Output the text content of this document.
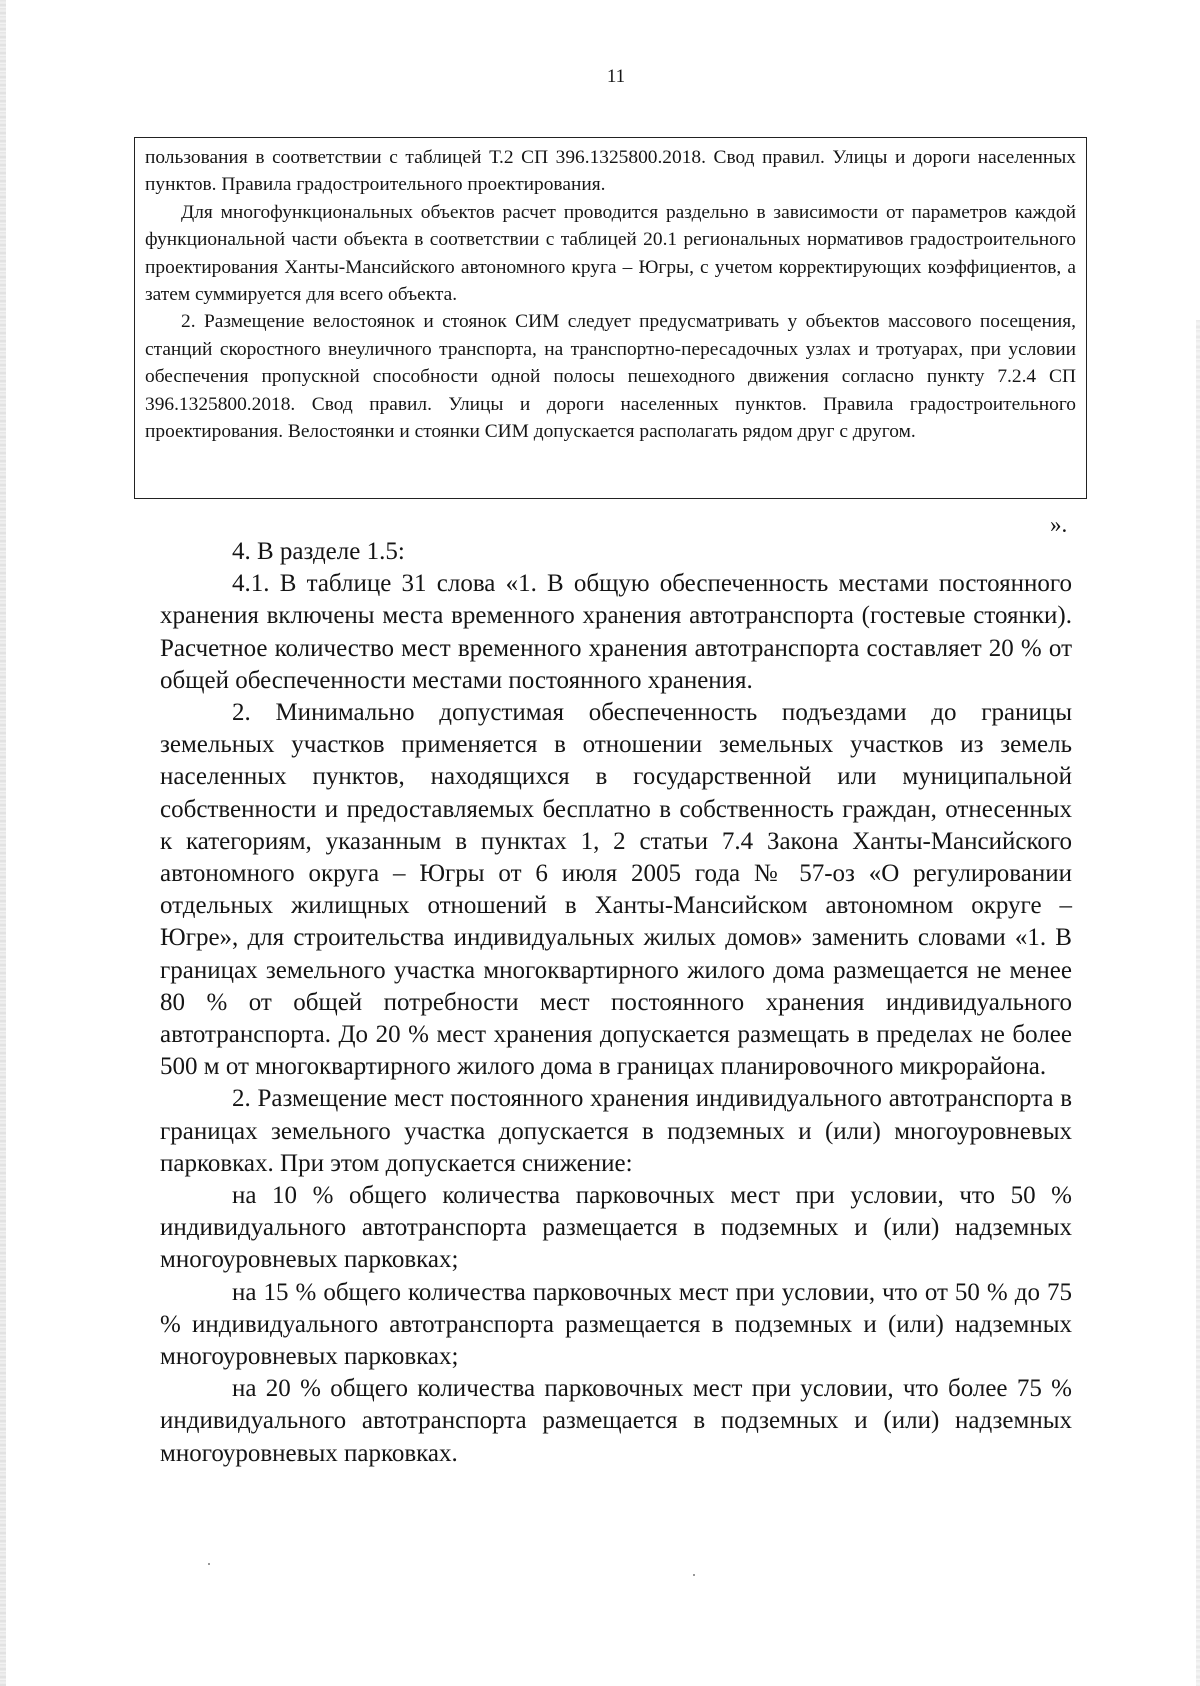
11

пользования в соответствии с таблицей Т.2 СП 396.1325800.2018. Свод правил. Улицы и дороги населенных пунктов. Правила градостроительного проектирования.

Для многофункциональных объектов расчет проводится раздельно в зависимости от параметров каждой функциональной части объекта в соответствии с таблицей 20.1 региональных нормативов градостроительного проектирования Ханты-Мансийского автономного круга – Югры, с учетом корректирующих коэффициентов, а затем суммируется для всего объекта.

2. Размещение велостоянок и стоянок СИМ следует предусматривать у объектов массового посещения, станций скоростного внеуличного транспорта, на транспортно-пересадочных узлах и тротуарах, при условии обеспечения пропускной способности одной полосы пешеходного движения согласно пункту 7.2.4 СП 396.1325800.2018. Свод правил. Улицы и дороги населенных пунктов. Правила градостроительного проектирования. Велостоянки и стоянки СИМ допускается располагать рядом друг с другом.

».

4. В разделе 1.5:

4.1. В таблице 31 слова «1. В общую обеспеченность местами постоянного хранения включены места временного хранения автотранспорта (гостевые стоянки). Расчетное количество мест временного хранения автотранспорта составляет 20 % от общей обеспеченности местами постоянного хранения.

2. Минимально допустимая обеспеченность подъездами до границы земельных участков применяется в отношении земельных участков из земель населенных пунктов, находящихся в государственной или муниципальной собственности и предоставляемых бесплатно в собственность граждан, отнесенных к категориям, указанным в пунктах 1, 2 статьи 7.4 Закона Ханты-Мансийского автономного округа – Югры от 6 июля 2005 года № 57-оз «О регулировании отдельных жилищных отношений в Ханты-Мансийском автономном округе – Югре», для строительства индивидуальных жилых домов» заменить словами «1. В границах земельного участка многоквартирного жилого дома размещается не менее 80 % от общей потребности мест постоянного хранения индивидуального автотранспорта. До 20 % мест хранения допускается размещать в пределах не более 500 м от многоквартирного жилого дома в границах планировочного микрорайона.

2. Размещение мест постоянного хранения индивидуального автотранспорта в границах земельного участка допускается в подземных и (или) многоуровневых парковках. При этом допускается снижение:

на 10 % общего количества парковочных мест при условии, что 50 % индивидуального автотранспорта размещается в подземных и (или) надземных многоуровневых парковках;

на 15 % общего количества парковочных мест при условии, что от 50 % до 75 % индивидуального автотранспорта размещается в подземных и (или) надземных многоуровневых парковках;

на 20 % общего количества парковочных мест при условии, что более 75 % индивидуального автотранспорта размещается в подземных и (или) надземных многоуровневых парковках.
